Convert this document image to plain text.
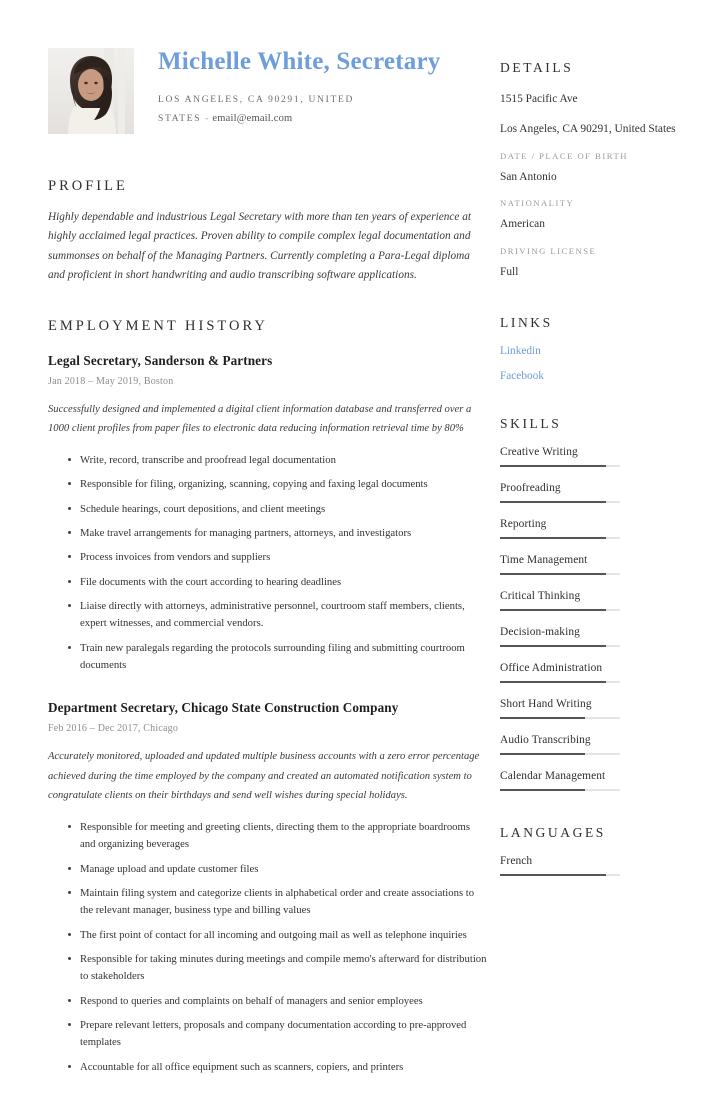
Michelle White, Secretary
LOS ANGELES, CA 90291, UNITED STATES - email@email.com
PROFILE

Highly dependable and industrious Legal Secretary with more than ten years of experience at highly acclaimed legal practices. Proven ability to compile complex legal documentation and summonses on behalf of the Managing Partners. Currently completing a Para-Legal diploma and proficient in short handwriting and audio transcribing software applications.

EMPLOYMENT HISTORY
Legal Secretary, Sanderson & Partners
Jan 2018 – May 2019, Boston

Successfully designed and implemented a digital client information database and transferred over a 1000 client profiles from paper files to electronic data reducing information retrieval time by 80%

Write, record, transcribe and proofread legal documentation
Responsible for filing, organizing, scanning, copying and faxing legal documents
Schedule hearings, court depositions, and client meetings
Make travel arrangements for managing partners, attorneys, and investigators
Process invoices from vendors and suppliers
File documents with the court according to hearing deadlines
Liaise directly with attorneys, administrative personnel, courtroom staff members, clients, expert witnesses, and commercial vendors.
Train new paralegals regarding the protocols surrounding filing and submitting courtroom documents
Department Secretary, Chicago State Construction Company
Feb 2016 – Dec 2017, Chicago

Accurately monitored, uploaded and updated multiple business accounts with a zero error percentage achieved during the time employed by the company and created an automated notification system to congratulate clients on their birthdays and send well wishes during special holidays.

Responsible for meeting and greeting clients, directing them to the appropriate boardrooms and organizing beverages
Manage upload and update customer files
Maintain filing system and categorize clients in alphabetical order and create associations to the relevant manager, business type and billing values
The first point of contact for all incoming and outgoing mail as well as telephone inquiries
Responsible for taking minutes during meetings and compile memo's afterward for distribution to stakeholders
Respond to queries and complaints on behalf of managers and senior employees
Prepare relevant letters, proposals and company documentation according to pre-approved templates
Accountable for all office equipment such as scanners, copiers, and printers
DETAILS
1515 Pacific Ave
Los Angeles, CA 90291, United States
DATE / PLACE OF BIRTH
San Antonio
NATIONALITY
American
DRIVING LICENSE
Full
LINKS
Linkedin
Facebook
SKILLS
Creative Writing
Proofreading
Reporting
Time Management
Critical Thinking
Decision-making
Office Administration
Short Hand Writing
Audio Transcribing
Calendar Management
LANGUAGES
French
